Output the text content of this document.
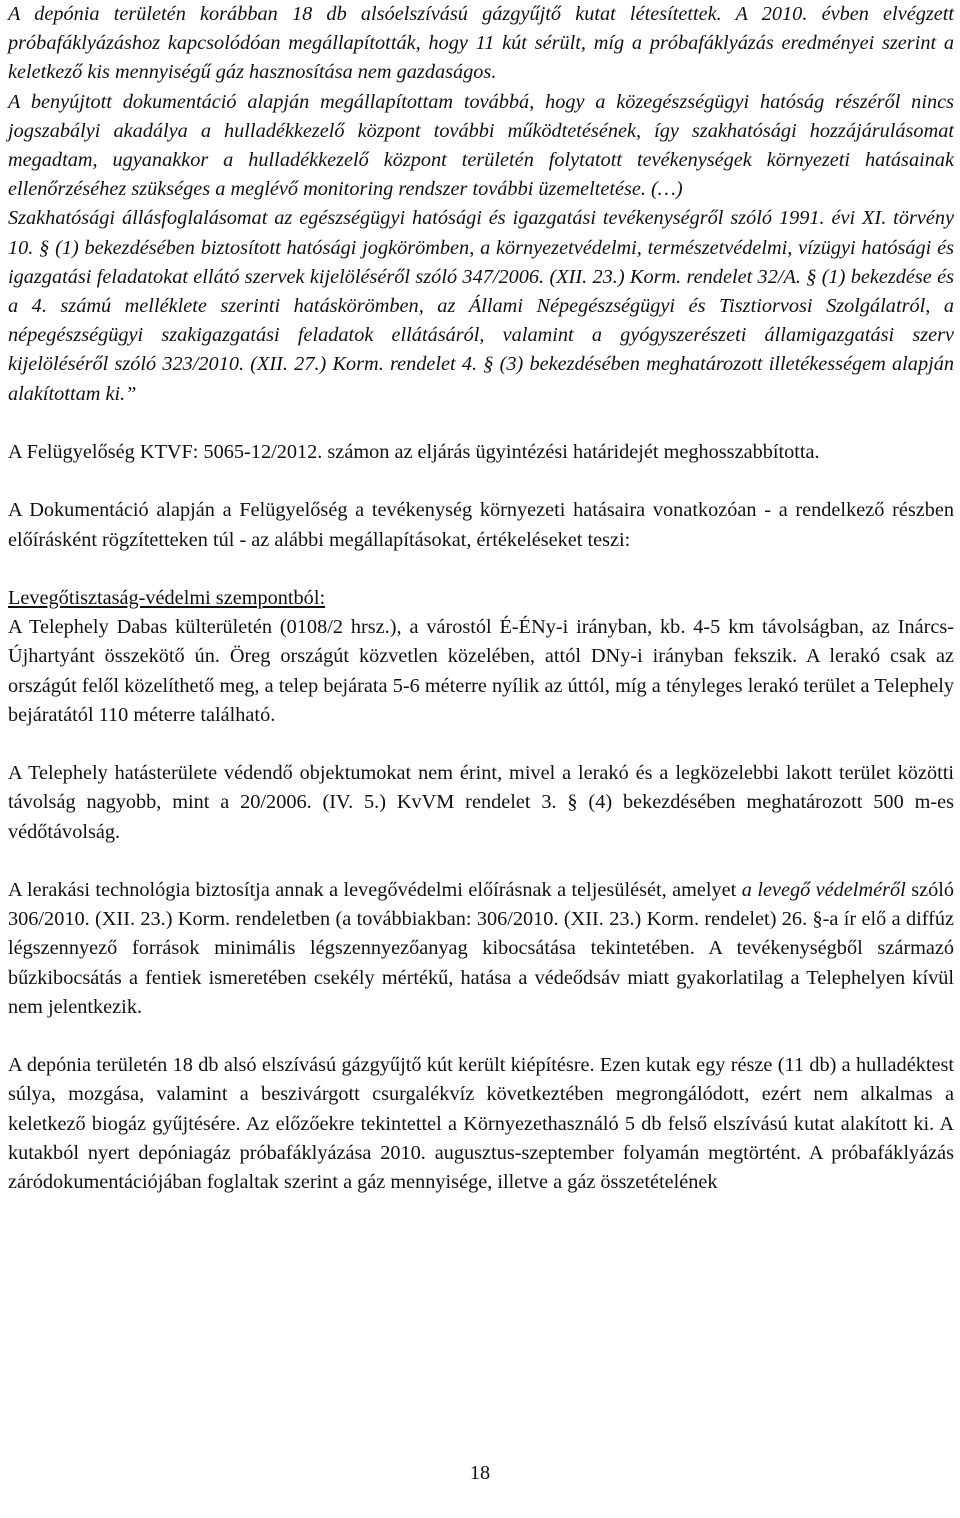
A depónia területén korábban 18 db alsóelszívású gázgyűjtő kutat létesítettek. A 2010. évben elvégzett próbafáklyázáshoz kapcsolódóan megállapították, hogy 11 kút sérült, míg a próbafáklyázás eredményei szerint a keletkező kis mennyiségű gáz hasznosítása nem gazdaságos.

A benyújtott dokumentáció alapján megállapítottam továbbá, hogy a közegészségügyi hatóság részéről nincs jogszabályi akadálya a hulladékkezelő központ további működtetésének, így szakhatósági hozzájárulásomat megadtam, ugyanakkor a hulladékkezelő központ területén folytatott tevékenységek környezeti hatásainak ellenőrzéséhez szükséges a meglévő monitoring rendszer további üzemeltetése. (…)

Szakhatósági állásfoglalásomat az egészségügyi hatósági és igazgatási tevékenységről szóló 1991. évi XI. törvény 10. § (1) bekezdésében biztosított hatósági jogkörömben, a környezetvédelmi, természetvédelmi, vízügyi hatósági és igazgatási feladatokat ellátó szervek kijelöléséről szóló 347/2006. (XII. 23.) Korm. rendelet 32/A. § (1) bekezdése és a 4. számú melléklete szerinti hatáskörömben, az Állami Népegészségügyi és Tisztiorvosi Szolgálatról, a népegészségügyi szakigazgatási feladatok ellátásáról, valamint a gyógyszerészeti államigazgatási szerv kijelöléséről szóló 323/2010. (XII. 27.) Korm. rendelet 4. § (3) bekezdésében meghatározott illetékességem alapján alakítottam ki.”

A Felügyelőség KTVF: 5065-12/2012. számon az eljárás ügyintézési határidejét meghosszabbította.

A Dokumentáció alapján a Felügyelőség a tevékenység környezeti hatásaira vonatkozóan - a rendelkező részben előírásként rögzítetteken túl - az alábbi megállapításokat, értékeléseket teszi:

Levegőtisztaság-védelmi szempontból:

A Telephely Dabas külterületén (0108/2 hrsz.), a várostól É-ÉNy-i irányban, kb. 4-5 km távolságban, az Inárcs-Újhartyánt összekötő ún. Öreg országút közvetlen közelében, attól DNy-i irányban fekszik. A lerakó csak az országút felől közelíthető meg, a telep bejárata 5-6 méterre nyílik az úttól, míg a tényleges lerakó terület a Telephely bejáratától 110 méterre található.

A Telephely hatásterülete védendő objektumokat nem érint, mivel a lerakó és a legközelebbi lakott terület közötti távolság nagyobb, mint a 20/2006. (IV. 5.) KvVM rendelet 3. § (4) bekezdésében meghatározott 500 m-es védőtávolság.

A lerakási technológia biztosítja annak a levegővédelmi előírásnak a teljesülését, amelyet a levegő védelméről szóló 306/2010. (XII. 23.) Korm. rendeletben (a továbbiakban: 306/2010. (XII. 23.) Korm. rendelet) 26. §-a ír elő a diffúz légszennyező források minimális légszennyezőanyag kibocsátása tekintetében. A tevékenységből származó bűzkibocsátás a fentiek ismeretében csekély mértékű, hatása a védeődsáv miatt gyakorlatilag a Telephelyen kívül nem jelentkezik.

A depónia területén 18 db alsó elszívású gázgyűjtő kút került kiépítésre. Ezen kutak egy része (11 db) a hulladéktest súlya, mozgása, valamint a beszivárgott csurgalékvíz következtében megrongálódott, ezért nem alkalmas a keletkező biogáz gyűjtésére. Az előzőekre tekintettel a Környezethasználó 5 db felső elszívású kutat alakított ki. A kutakból nyert depóniagáz próbafáklyázása 2010. augusztus-szeptember folyamán megtörtént. A próbafáklyázás záródokumentációjában foglaltak szerint a gáz mennyisége, illetve a gáz összetételének

18
